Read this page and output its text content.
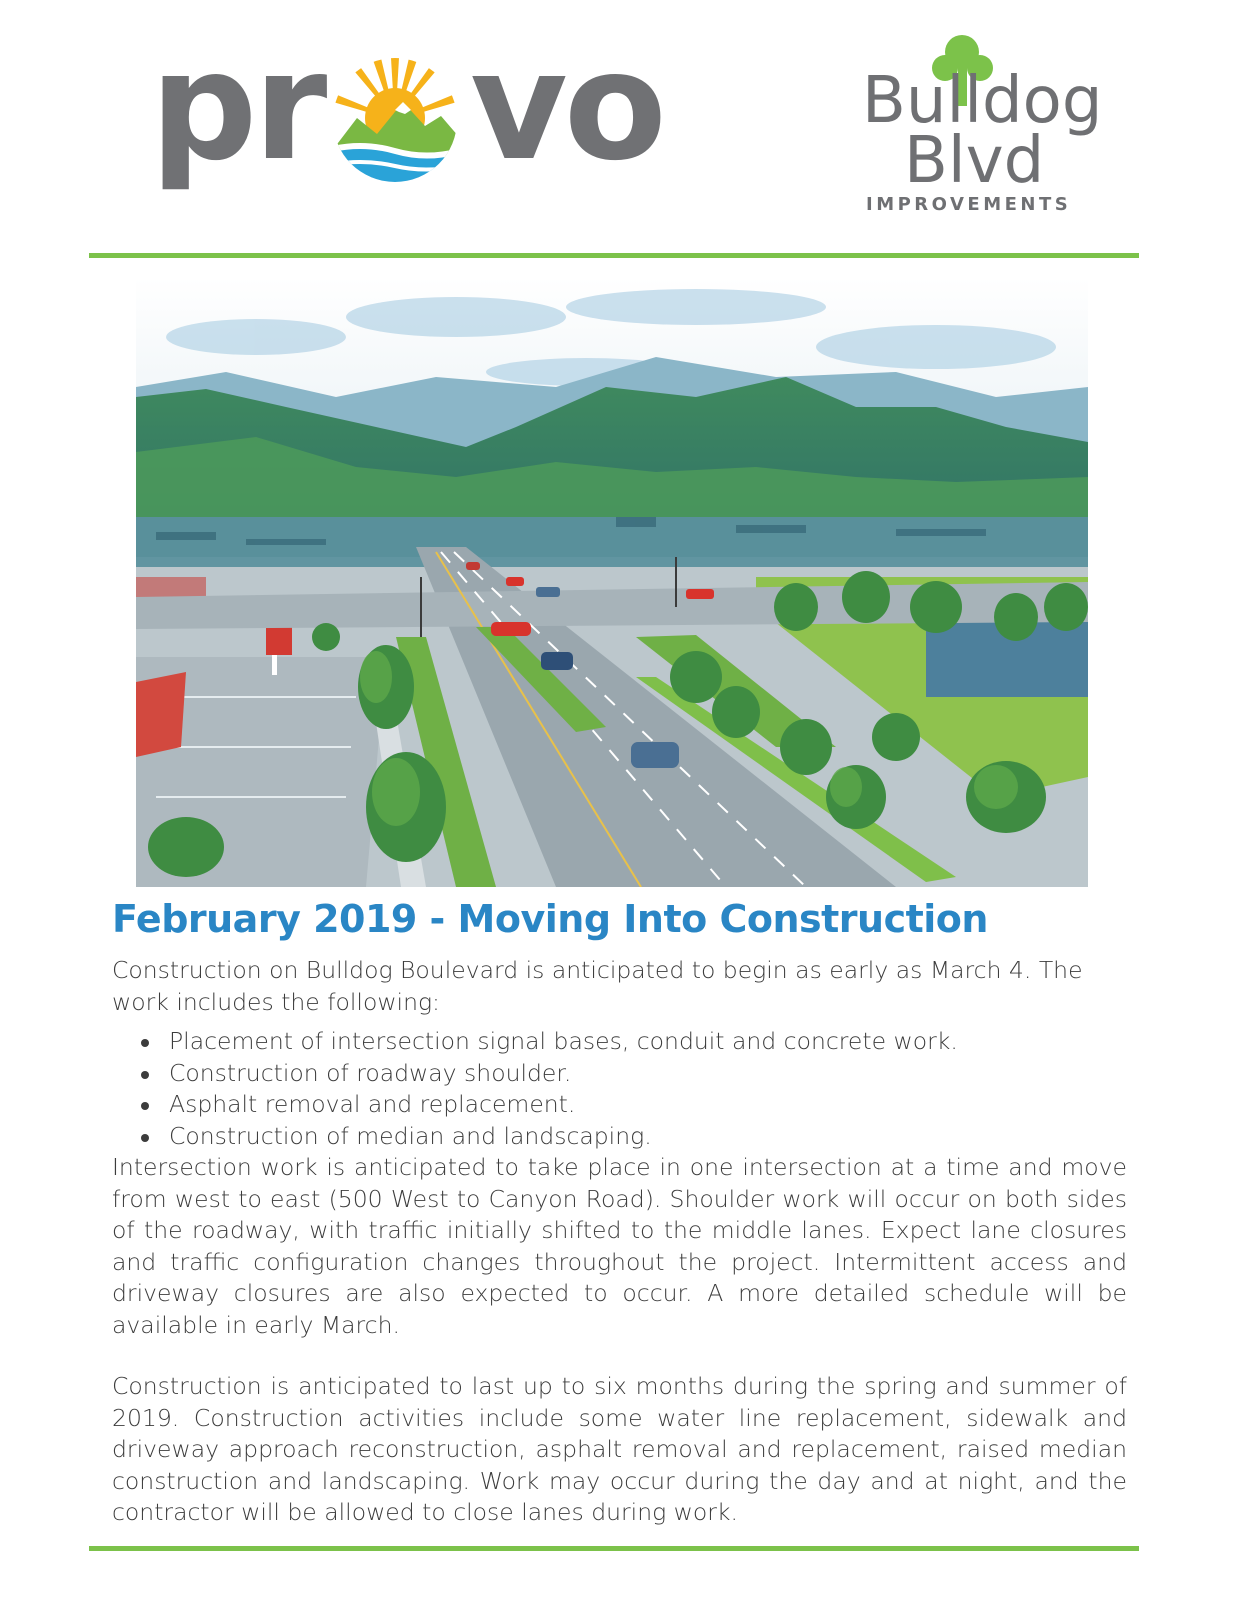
pr vo	Bulldog
Blvd
IMPROVEMENTS
February 2019 - Moving Into Construction

Construction on Bulldog Boulevard is anticipated to begin as early as March 4. The work includes the following:

Placement of intersection signal bases, conduit and concrete work.
Construction of roadway shoulder.
Asphalt removal and replacement.
Construction of median and landscaping.

Intersection work is anticipated to take place in one intersection at a time and move from west to east (500 West to Canyon Road). Shoulder work will occur on both sides of the roadway, with traffic initially shifted to the middle lanes. Expect lane closures and traffic configuration changes throughout the project. Intermittent access and driveway closures are also expected to occur. A more detailed schedule will be available in early March.

Construction is anticipated to last up to six months during the spring and summer of 2019. Construction activities include some water line replacement, sidewalk and driveway approach reconstruction, asphalt removal and replacement, raised median construction and landscaping. Work may occur during the day and at night, and the contractor will be allowed to close lanes during work.
